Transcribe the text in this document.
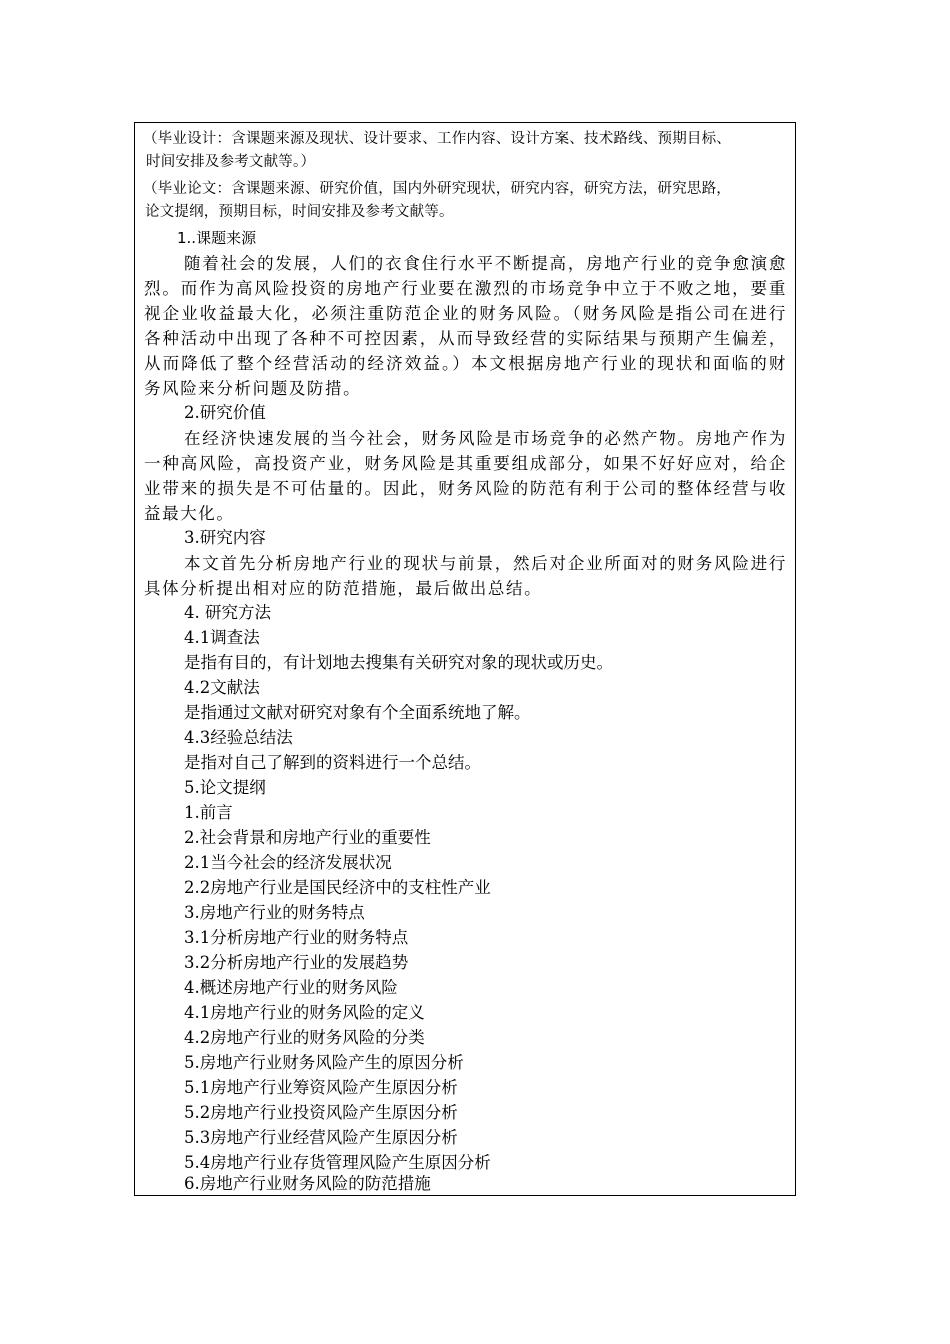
（毕业设计：含课题来源及现状、设计要求、工作内容、设计方案、技术路线、预期目标、
时间安排及参考文献等。）
（毕业论文：含课题来源、研究价值，国内外研究现状，研究内容，研究方法，研究思路，
论文提纲，预期目标，时间安排及参考文献等。
1..课题来源
随着社会的发展，人们的衣食住行水平不断提高，房地产行业的竞争愈演愈烈。而作为高风险投资的房地产行业要在激烈的市场竞争中立于不败之地，要重视企业收益最大化，必须注重防范企业的财务风险。（财务风险是指公司在进行各种活动中出现了各种不可控因素，从而导致经营的实际结果与预期产生偏差，从而降低了整个经营活动的经济效益。）本文根据房地产行业的现状和面临的财务风险来分析问题及防措。
2.研究价值
在经济快速发展的当今社会，财务风险是市场竞争的必然产物。房地产作为一种高风险，高投资产业，财务风险是其重要组成部分，如果不好好应对，给企业带来的损失是不可估量的。因此，财务风险的防范有利于公司的整体经营与收益最大化。
3.研究内容
本文首先分析房地产行业的现状与前景，然后对企业所面对的财务风险进行具体分析提出相对应的防范措施，最后做出总结。
4. 研究方法
4.1调查法
是指有目的，有计划地去搜集有关研究对象的现状或历史。
4.2文献法
是指通过文献对研究对象有个全面系统地了解。
4.3经验总结法
是指对自己了解到的资料进行一个总结。
5.论文提纲
1.前言
2.社会背景和房地产行业的重要性
2.1当今社会的经济发展状况
2.2房地产行业是国民经济中的支柱性产业
3.房地产行业的财务特点
3.1分析房地产行业的财务特点
3.2分析房地产行业的发展趋势
4.概述房地产行业的财务风险
4.1房地产行业的财务风险的定义
4.2房地产行业的财务风险的分类
5.房地产行业财务风险产生的原因分析
5.1房地产行业筹资风险产生原因分析
5.2房地产行业投资风险产生原因分析
5.3房地产行业经营风险产生原因分析
5.4房地产行业存货管理风险产生原因分析
6.房地产行业财务风险的防范措施
